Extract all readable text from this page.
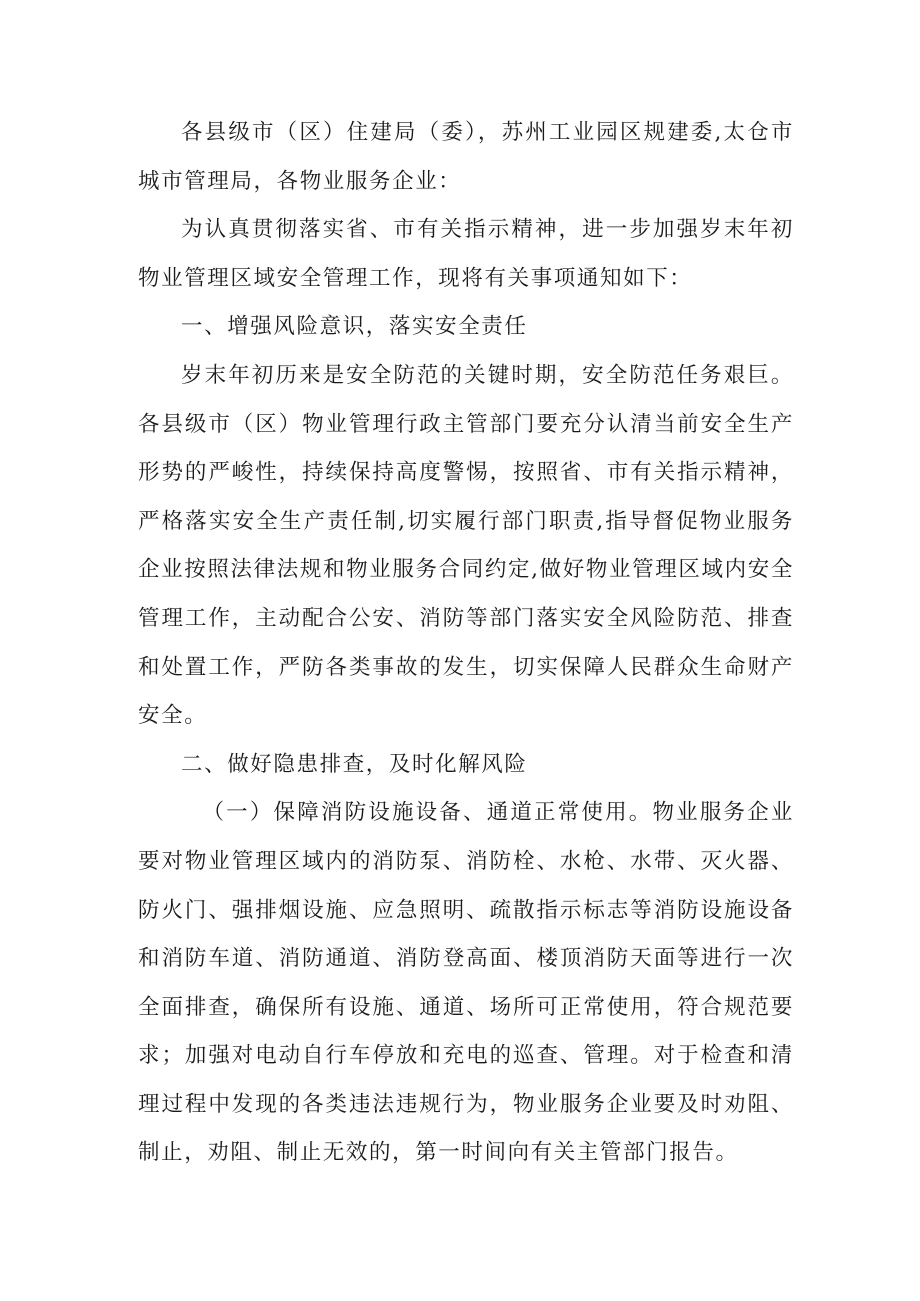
各县级市（区）住建局（委），苏州工业园区规建委,太仓市城市管理局，各物业服务企业：

为认真贯彻落实省、市有关指示精神，进一步加强岁末年初物业管理区域安全管理工作，现将有关事项通知如下：

一、增强风险意识，落实安全责任

岁末年初历来是安全防范的关键时期，安全防范任务艰巨。各县级市（区）物业管理行政主管部门要充分认清当前安全生产形势的严峻性，持续保持高度警惕，按照省、市有关指示精神，严格落实安全生产责任制,切实履行部门职责,指导督促物业服务企业按照法律法规和物业服务合同约定,做好物业管理区域内安全管理工作，主动配合公安、消防等部门落实安全风险防范、排查和处置工作，严防各类事故的发生，切实保障人民群众生命财产安全。

二、做好隐患排查，及时化解风险

（一）保障消防设施设备、通道正常使用。物业服务企业要对物业管理区域内的消防泵、消防栓、水枪、水带、灭火器、防火门、强排烟设施、应急照明、疏散指示标志等消防设施设备和消防车道、消防通道、消防登高面、楼顶消防天面等进行一次全面排查，确保所有设施、通道、场所可正常使用，符合规范要求；加强对电动自行车停放和充电的巡查、管理。对于检查和清理过程中发现的各类违法违规行为，物业服务企业要及时劝阻、制止，劝阻、制止无效的，第一时间向有关主管部门报告。
